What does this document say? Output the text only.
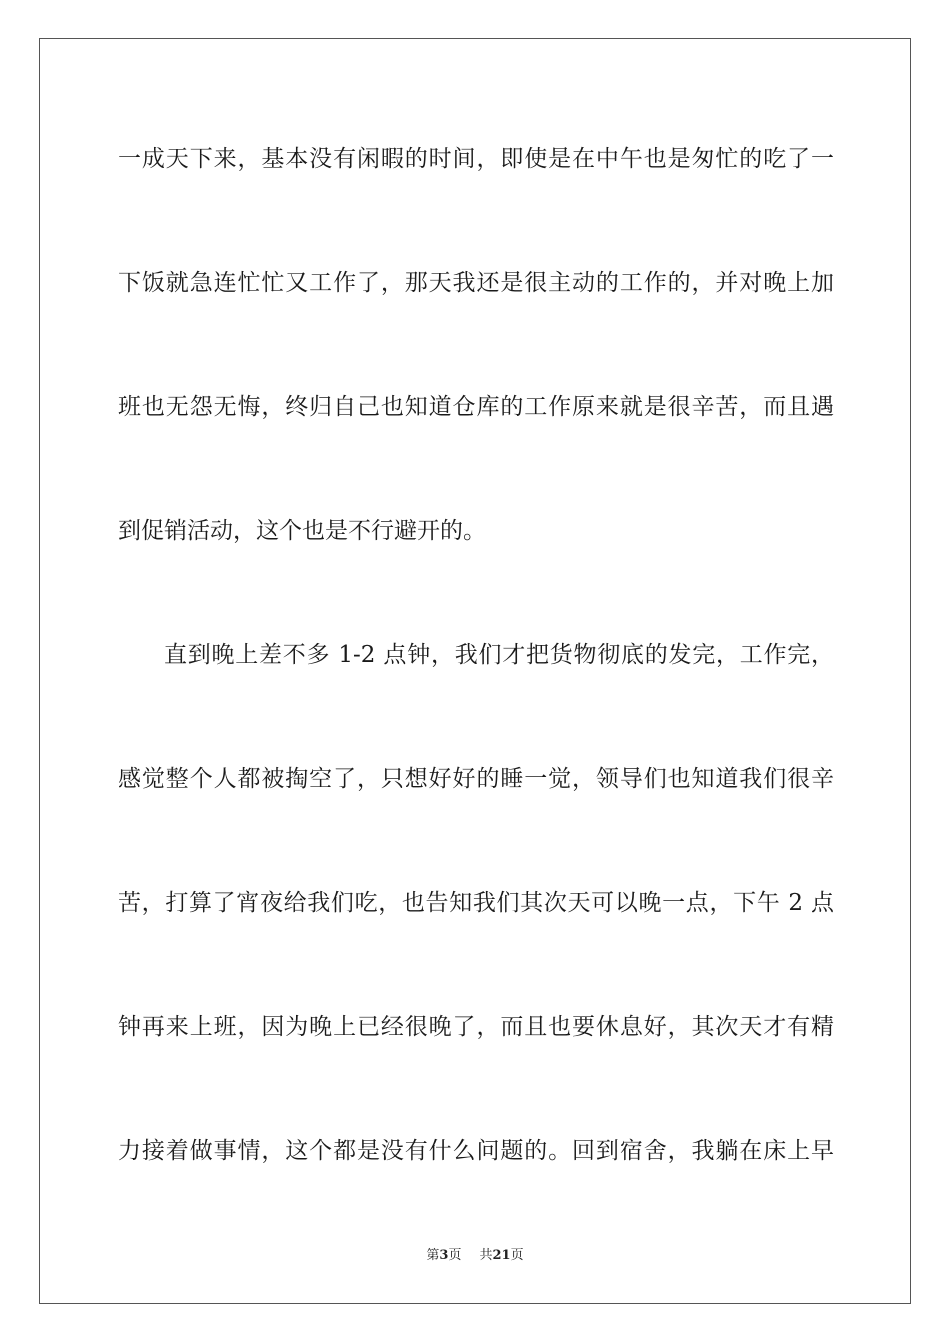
一成天下来，基本没有闲暇的时间，即使是在中午也是匆忙的吃了一
下饭就急连忙忙又工作了，那天我还是很主动的工作的，并对晚上加
班也无怨无悔，终归自己也知道仓库的工作原来就是很辛苦，而且遇
到促销活动，这个也是不行避开的。
直到晚上差不多 1-2 点钟，我们才把货物彻底的发完，工作完，
感觉整个人都被掏空了，只想好好的睡一觉，领导们也知道我们很辛
苦，打算了宵夜给我们吃，也告知我们其次天可以晚一点，下午 2 点
钟再来上班，因为晚上已经很晚了，而且也要休息好，其次天才有精
力接着做事情，这个都是没有什么问题的。回到宿舍，我躺在床上早
第3页 共21页
